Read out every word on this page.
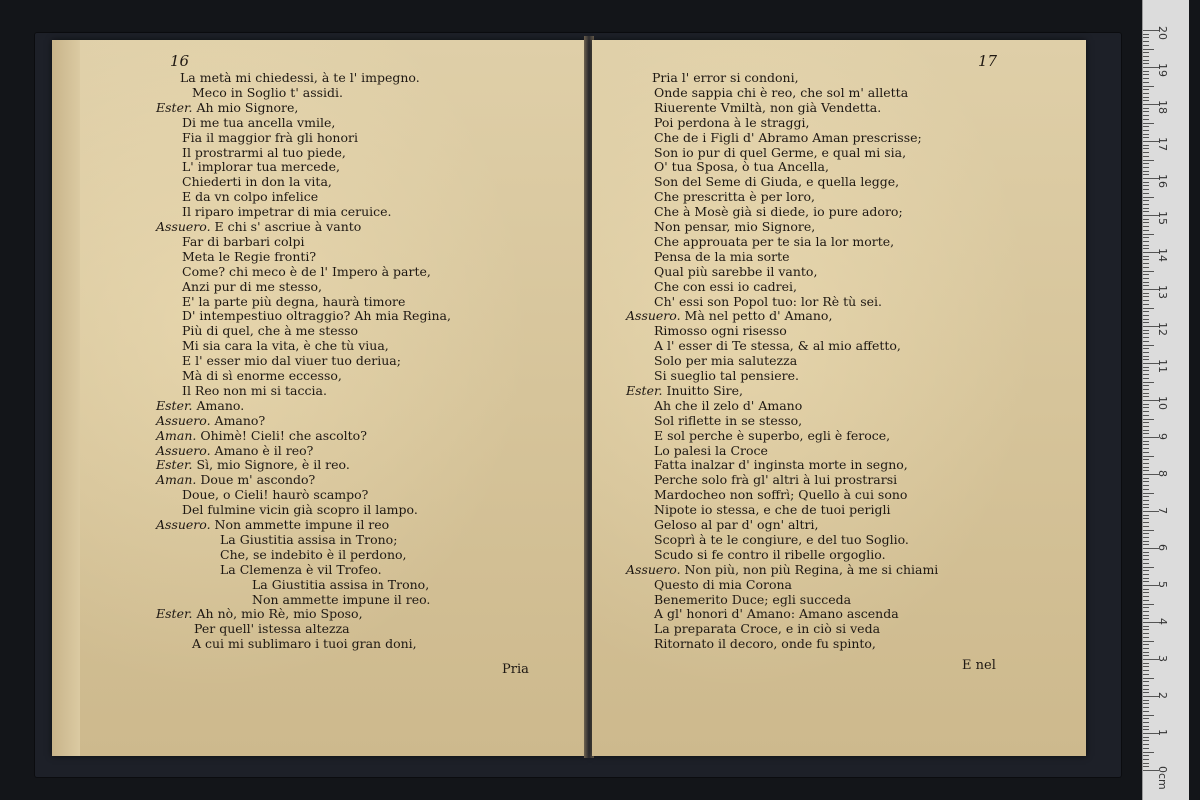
16
La metà mi chiedessi, à te l' impegno.
Meco in Soglio t' assidi.
Ester. Ah mio Signore,
Di me tua ancella vmile,
Fia il maggior frà gli honori
Il prostrarmi al tuo piede,
L' implorar tua mercede,
Chiederti in don la vita,
E da vn colpo infelice
Il riparo impetrar di mia ceruice.
Assuero. E chi s' ascriue à vanto
Far di barbari colpi
Meta le Regie fronti?
Come? chi meco è de l' Impero à parte,
Anzi pur di me stesso,
E' la parte più degna, haurà timore
D' intempestiuo oltraggio? Ah mia Regina,
Più di quel, che à me stesso
Mi sia cara la vita, è che tù viua,
E l' esser mio dal viuer tuo deriua;
Mà di sì enorme eccesso,
Il Reo non mi si taccia.
Ester. Amano.
Assuero. Amano?
Aman. Ohimè! Cieli! che ascolto?
Assuero. Amano è il reo?
Ester. Sì, mio Signore, è il reo.
Aman. Doue m' ascondo?
Doue, o Cieli! haurò scampo?
Del fulmine vicin già scopro il lampo.
Assuero. Non ammette impune il reo
La Giustitia assisa in Trono;
Che, se indebito è il perdono,
La Clemenza è vil Trofeo.
La Giustitia assisa in Trono,
Non ammette impune il reo.
Ester. Ah nò, mio Rè, mio Sposo,
Per quell' istessa altezza
A cui mi sublimaro i tuoi gran doni,
Pria
17
Pria l' error si condoni,
Onde sappia chi è reo, che sol m' alletta
Riuerente Vmiltà, non già Vendetta.
Poi perdona à le straggi,
Che de i Figli d' Abramo Aman prescrisse;
Son io pur di quel Germe, e qual mi sia,
O' tua Sposa, ò tua Ancella,
Son del Seme di Giuda, e quella legge,
Che prescritta è per loro,
Che à Mosè già si diede, io pure adoro;
Non pensar, mio Signore,
Che approuata per te sia la lor morte,
Pensa de la mia sorte
Qual più sarebbe il vanto,
Che con essi io cadrei,
Ch' essi son Popol tuo: lor Rè tù sei.
Assuero. Mà nel petto d' Amano,
Rimosso ogni risesso
A l' esser di Te stessa, & al mio affetto,
Solo per mia salutezza
Si sueglio tal pensiere.
Ester. Inuitto Sire,
Ah che il zelo d' Amano
Sol riflette in se stesso,
E sol perche è superbo, egli è feroce,
Lo palesi la Croce
Fatta inalzar d' inginsta morte in segno,
Perche solo frà gl' altri à lui prostrarsi
Mardocheo non soffrì; Quello à cui sono
Nipote io stessa, e che de tuoi perigli
Geloso al par d' ogn' altri,
Scoprì à te le congiure, e del tuo Soglio.
Scudo si fe contro il ribelle orgoglio.
Assuero. Non più, non più Regina, à me si chiami
Questo di mia Corona
Benemerito Duce; egli succeda
A gl' honori d' Amano: Amano ascenda
La preparata Croce, e in ciò si veda
Ritornato il decoro, onde fu spinto,
E nel
0cm
1
2
3
4
5
6
7
8
9
10
11
12
13
14
15
16
17
18
19
20
